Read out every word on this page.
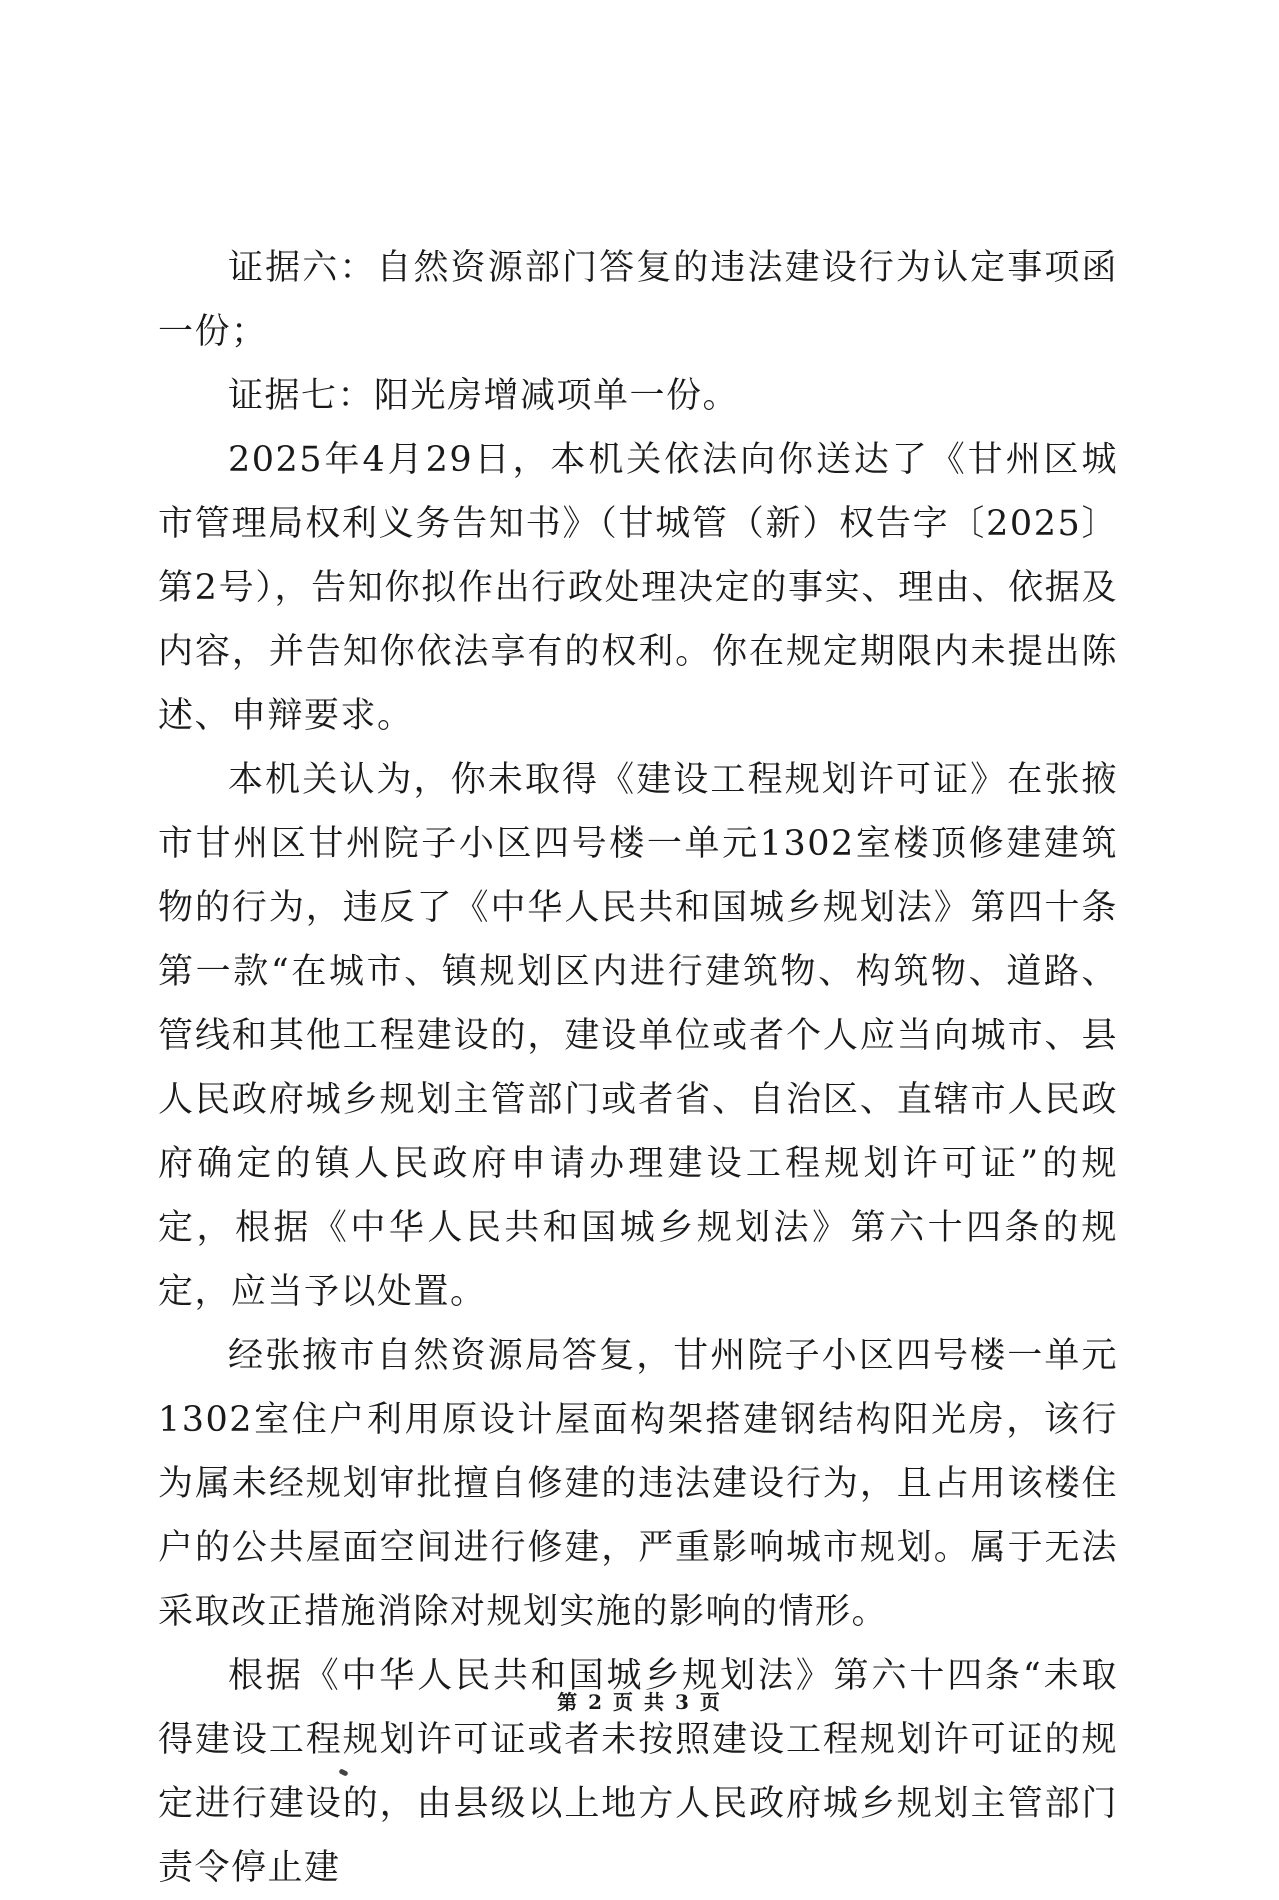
证据六：自然资源部门答复的违法建设行为认定事项函一份；

证据七：阳光房增减项单一份。

2025年4月29日，本机关依法向你送达了《甘州区城市管理局权利义务告知书》（甘城管（新）权告字〔2025〕第2号），告知你拟作出行政处理决定的事实、理由、依据及内容，并告知你依法享有的权利。你在规定期限内未提出陈述、申辩要求。

本机关认为，你未取得《建设工程规划许可证》在张掖市甘州区甘州院子小区四号楼一单元1302室楼顶修建建筑物的行为，违反了《中华人民共和国城乡规划法》第四十条第一款“在城市、镇规划区内进行建筑物、构筑物、道路、管线和其他工程建设的，建设单位或者个人应当向城市、县人民政府城乡规划主管部门或者省、自治区、直辖市人民政府确定的镇人民政府申请办理建设工程规划许可证”的规定，根据《中华人民共和国城乡规划法》第六十四条的规定，应当予以处置。

经张掖市自然资源局答复，甘州院子小区四号楼一单元1302室住户利用原设计屋面构架搭建钢结构阳光房，该行为属未经规划审批擅自修建的违法建设行为，且占用该楼住户的公共屋面空间进行修建，严重影响城市规划。属于无法采取改正措施消除对规划实施的影响的情形。

根据《中华人民共和国城乡规划法》第六十四条“未取得建设工程规划许可证或者未按照建设工程规划许可证的规定进行建设的，由县级以上地方人民政府城乡规划主管部门责令停止建

第 2 页 共 3 页
